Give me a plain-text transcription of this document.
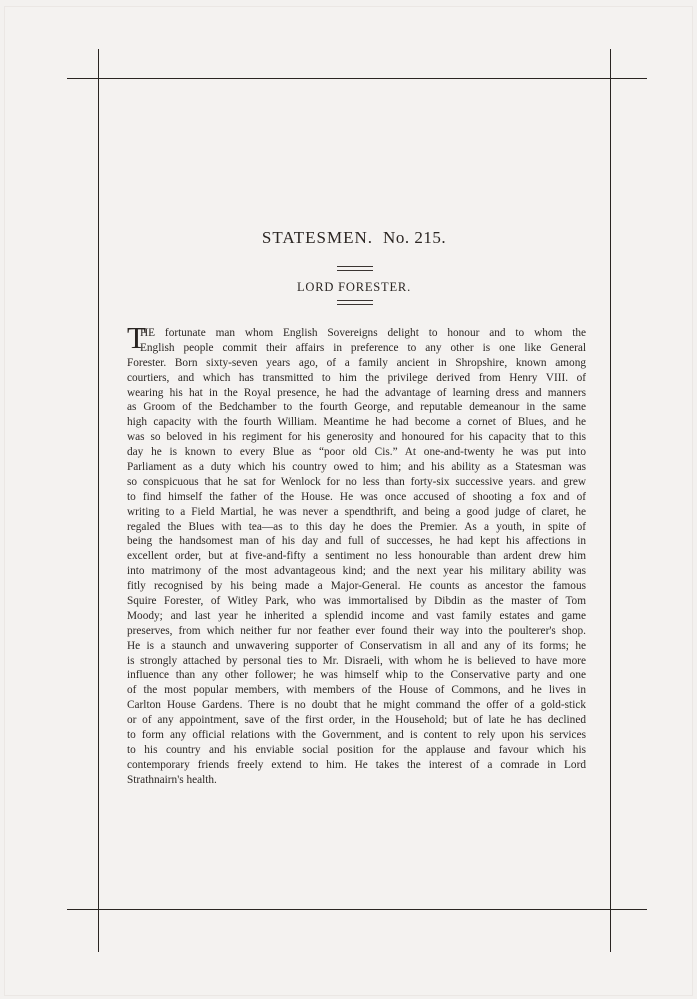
STATESMEN. No. 215.
LORD FORESTER.
T
HE fortunate man whom English Sovereigns delight to honour and to whom the
English people commit their affairs in preference to any other is one like General
Forester. Born sixty-seven years ago, of a family ancient in Shropshire, known among
courtiers, and which has transmitted to him the privilege derived from Henry VIII. of
wearing his hat in the Royal presence, he had the advantage of learning dress and manners
as Groom of the Bedchamber to the fourth George, and reputable demeanour in the same
high capacity with the fourth William. Meantime he had become a cornet of Blues, and he
was so beloved in his regiment for his generosity and honoured for his capacity that to this
day he is known to every Blue as “poor old Cis.” At one-and-twenty he was put into
Parliament as a duty which his country owed to him; and his ability as a Statesman was
so conspicuous that he sat for Wenlock for no less than forty-six successive years. and grew
to find himself the father of the House. He was once accused of shooting a fox and of
writing to a Field Martial, he was never a spendthrift, and being a good judge of claret, he
regaled the Blues with tea—as to this day he does the Premier. As a youth, in spite of
being the handsomest man of his day and full of successes, he had kept his affections in
excellent order, but at five-and-fifty a sentiment no less honourable than ardent drew him
into matrimony of the most advantageous kind; and the next year his military ability was
fitly recognised by his being made a Major-General. He counts as ancestor the famous
Squire Forester, of Witley Park, who was immortalised by Dibdin as the master of Tom
Moody; and last year he inherited a splendid income and vast family estates and game
preserves, from which neither fur nor feather ever found their way into the poulterer's shop.
He is a staunch and unwavering supporter of Conservatism in all and any of its forms; he
is strongly attached by personal ties to Mr. Disraeli, with whom he is believed to have more
influence than any other follower; he was himself whip to the Conservative party and one
of the most popular members, with members of the House of Commons, and he lives in
Carlton House Gardens. There is no doubt that he might command the offer of a gold-stick
or of any appointment, save of the first order, in the Household; but of late he has declined
to form any official relations with the Government, and is content to rely upon his services
to his country and his enviable social position for the applause and favour which his
contemporary friends freely extend to him. He takes the interest of a comrade in Lord
Strathnairn's health.
